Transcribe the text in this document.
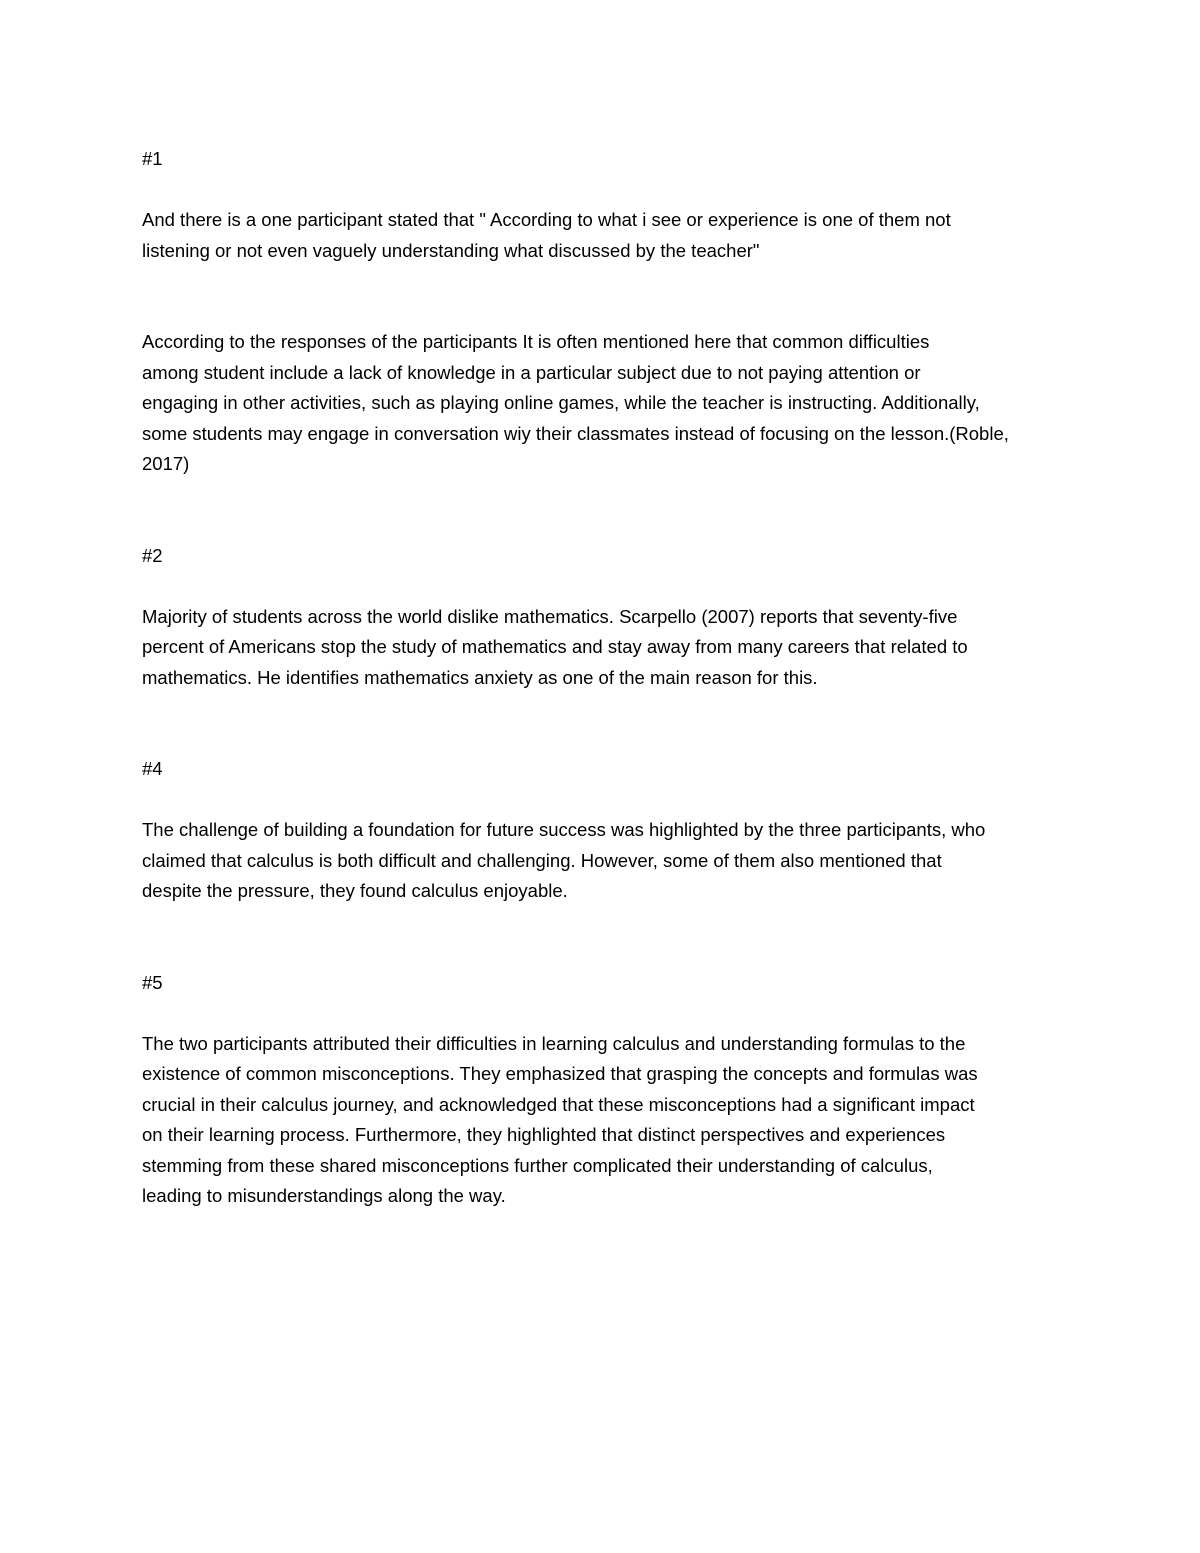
#1
And there is a one participant stated that " According to what i see or experience is one of them not
listening or not even vaguely understanding what discussed by the teacher"
According to the responses of the participants It is often mentioned here that common difficulties
among student include a lack of knowledge in a particular subject due to not paying attention or
engaging in other activities, such as playing online games, while the teacher is instructing. Additionally,
some students may engage in conversation wiy their classmates instead of focusing on the lesson.(Roble,
2017)
#2
Majority of students across the world dislike mathematics. Scarpello (2007) reports that seventy-five
percent of Americans stop the study of mathematics and stay away from many careers that related to
mathematics. He identifies mathematics anxiety as one of the main reason for this.
#4
The challenge of building a foundation for future success was highlighted by the three participants, who
claimed that calculus is both difficult and challenging. However, some of them also mentioned that
despite the pressure, they found calculus enjoyable.
#5
The two participants attributed their difficulties in learning calculus and understanding formulas to the
existence of common misconceptions. They emphasized that grasping the concepts and formulas was
crucial in their calculus journey, and acknowledged that these misconceptions had a significant impact
on their learning process. Furthermore, they highlighted that distinct perspectives and experiences
stemming from these shared misconceptions further complicated their understanding of calculus,
leading to misunderstandings along the way.
